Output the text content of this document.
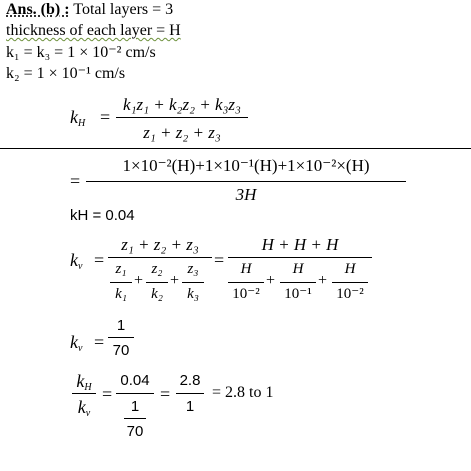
Ans. (b) : Total layers = 3
thickness of each layer = H
k₁ = k₃ = 1 × 10⁻² cm/s
k₂ = 1 × 10⁻¹ cm/s
$k_H$ =
k₁z₁ + k₂z₂ + k₃z₃
z₁ + z₂ + z₃
=
1×10⁻²(H)+1×10⁻¹(H)+1×10⁻²×(H)
3H
kH = 0.04
$k_v$ =
z₁ + z₂ + z₃
z₁
k₁
+
z₂
k₂
+
z₃
k₃
=
H + H + H
H
10⁻²
+
H
10⁻¹
+
H
10⁻²
$k_v$ =
1
70
$k_H$
$k_v$
=
0.04
1
70
=
2.8
1
= 2.8 to 1
